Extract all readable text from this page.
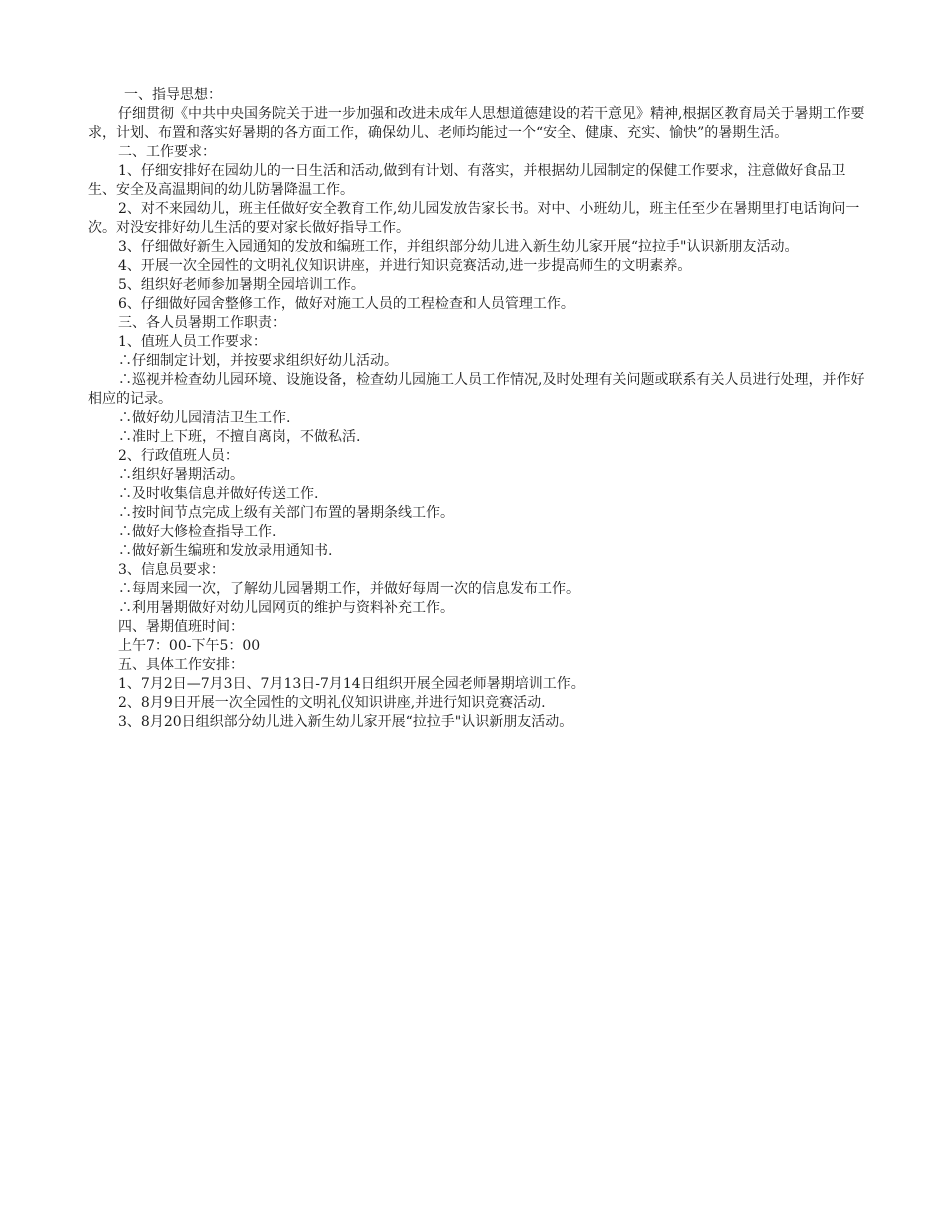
一、指导思想：

仔细贯彻《中共中央国务院关于进一步加强和改进未成年人思想道德建设的若干意见》精神,根据区教育局关于暑期工作要求，计划、布置和落实好暑期的各方面工作，确保幼儿、老师均能过一个“安全、健康、充实、愉快”的暑期生活。

二、工作要求：

1、仔细安排好在园幼儿的一日生活和活动,做到有计划、有落实，并根据幼儿园制定的保健工作要求，注意做好食品卫生、安全及高温期间的幼儿防暑降温工作。

2、对不来园幼儿，班主任做好安全教育工作,幼儿园发放告家长书。对中、小班幼儿，班主任至少在暑期里打电话询问一次。对没安排好幼儿生活的要对家长做好指导工作。

3、仔细做好新生入园通知的发放和编班工作，并组织部分幼儿进入新生幼儿家开展“拉拉手"认识新朋友活动。

4、开展一次全园性的文明礼仪知识讲座，并进行知识竞赛活动,进一步提高师生的文明素养。

5、组织好老师参加暑期全园培训工作。

6、仔细做好园舍整修工作，做好对施工人员的工程检查和人员管理工作。

三、各人员暑期工作职责：

1、值班人员工作要求：

∴仔细制定计划，并按要求组织好幼儿活动。

∴巡视并检查幼儿园环境、设施设备，检查幼儿园施工人员工作情况,及时处理有关问题或联系有关人员进行处理，并作好相应的记录。

∴做好幼儿园清洁卫生工作.

∴准时上下班，不擅自离岗，不做私活.

2、行政值班人员：

∴组织好暑期活动。

∴及时收集信息并做好传送工作.

∴按时间节点完成上级有关部门布置的暑期条线工作。

∴做好大修检查指导工作.

∴做好新生编班和发放录用通知书.

3、信息员要求：

∴每周来园一次，了解幼儿园暑期工作，并做好每周一次的信息发布工作。

∴利用暑期做好对幼儿园网页的维护与资料补充工作。

四、暑期值班时间：

上午7：00-下午5：00

五、具体工作安排：

1、7月2日—7月3日、7月13日-7月14日组织开展全园老师暑期培训工作。

2、8月9日开展一次全园性的文明礼仪知识讲座,并进行知识竞赛活动.

3、8月20日组织部分幼儿进入新生幼儿家开展“拉拉手"认识新朋友活动。
